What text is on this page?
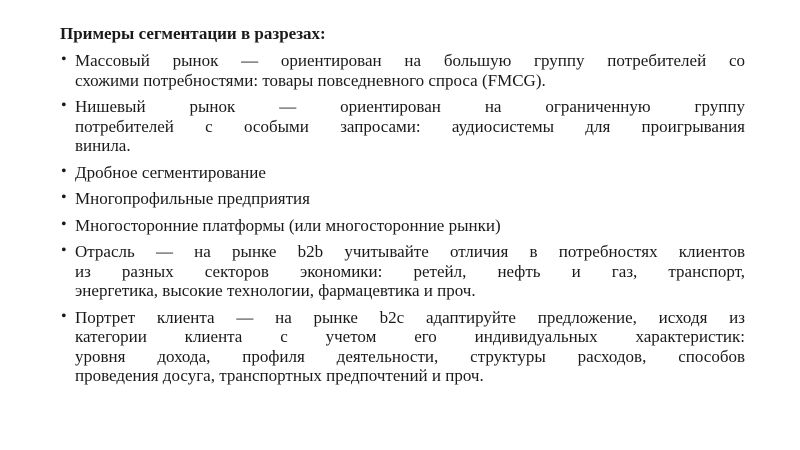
Примеры сегментации в разрезах:
• Массовый рынок — ориентирован на большую группу потребителей со
схожими потребностями: товары повседневного спроса (FMCG).
• Нишевый рынок — ориентирован на ограниченную группу
потребителей с особыми запросами: аудиосистемы для проигрывания
винила.
• Дробное сегментирование
• Многопрофильные предприятия
• Многосторонние платформы (или многосторонние рынки)
• Отрасль — на рынке b2b учитывайте отличия в потребностях клиентов
из разных секторов экономики: ретейл, нефть и газ, транспорт,
энергетика, высокие технологии, фармацевтика и проч.
• Портрет клиента — на рынке b2c адаптируйте предложение, исходя из
категории клиента с учетом его индивидуальных характеристик:
уровня дохода, профиля деятельности, структуры расходов, способов
проведения досуга, транспортных предпочтений и проч.
